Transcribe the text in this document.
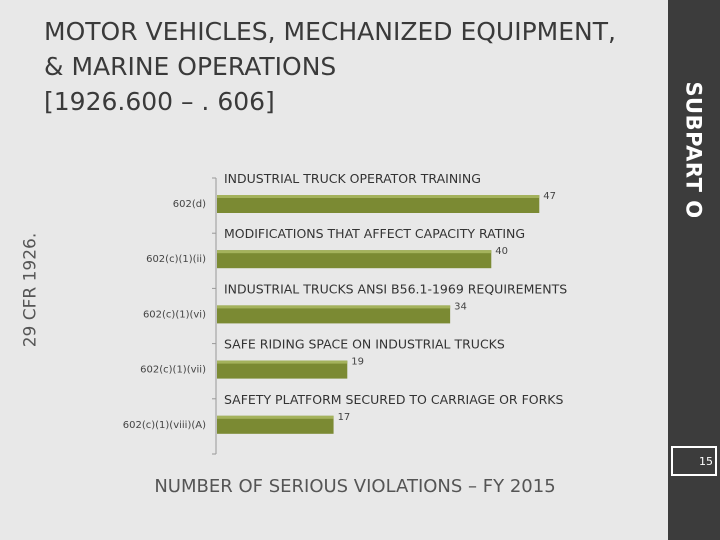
MOTOR VEHICLES, MECHANIZED EQUIPMENT,
& MARINE OPERATIONS
[1926.600 – . 606]	SUBPART O
29 CFR 1926.
INDUSTRIAL TRUCK OPERATOR TRAINING
602(d)
47
MODIFICATIONS THAT AFFECT CAPACITY RATING
602(c)(1)(ii)
40
INDUSTRIAL TRUCKS ANSI B56.1-1969 REQUIREMENTS
602(c)(1)(vi)
34
SAFE RIDING SPACE ON INDUSTRIAL TRUCKS
602(c)(1)(vii)
19
SAFETY PLATFORM SECURED TO CARRIAGE OR FORKS
602(c)(1)(viii)(A)
17
15

NUMBER OF SERIOUS VIOLATIONS – FY 2015
